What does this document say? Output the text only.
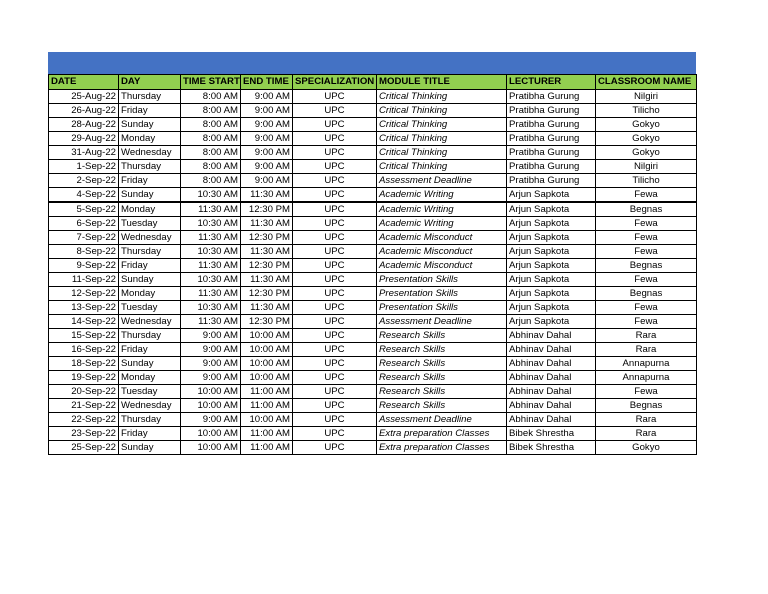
DATE	DAY	TIME START	END TIME	SPECIALIZATION	MODULE TITLE	LECTURER	CLASSROOM NAME
25-Aug-22	Thursday	8:00 AM	9:00 AM	UPC	Critical Thinking	Pratibha Gurung	Nilgiri
26-Aug-22	Friday	8:00 AM	9:00 AM	UPC	Critical Thinking	Pratibha Gurung	Tilicho
28-Aug-22	Sunday	8:00 AM	9:00 AM	UPC	Critical Thinking	Pratibha Gurung	Gokyo
29-Aug-22	Monday	8:00 AM	9:00 AM	UPC	Critical Thinking	Pratibha Gurung	Gokyo
31-Aug-22	Wednesday	8:00 AM	9:00 AM	UPC	Critical Thinking	Pratibha Gurung	Gokyo
1-Sep-22	Thursday	8:00 AM	9:00 AM	UPC	Critical Thinking	Pratibha Gurung	Nilgiri
2-Sep-22	Friday	8:00 AM	9:00 AM	UPC	Assessment Deadline	Pratibha Gurung	Tilicho
4-Sep-22	Sunday	10:30 AM	11:30 AM	UPC	Academic Writing	Arjun Sapkota	Fewa
5-Sep-22	Monday	11:30 AM	12:30 PM	UPC	Academic Writing	Arjun Sapkota	Begnas
6-Sep-22	Tuesday	10:30 AM	11:30 AM	UPC	Academic Writing	Arjun Sapkota	Fewa
7-Sep-22	Wednesday	11:30 AM	12:30 PM	UPC	Academic Misconduct	Arjun Sapkota	Fewa
8-Sep-22	Thursday	10:30 AM	11:30 AM	UPC	Academic Misconduct	Arjun Sapkota	Fewa
9-Sep-22	Friday	11:30 AM	12:30 PM	UPC	Academic Misconduct	Arjun Sapkota	Begnas
11-Sep-22	Sunday	10:30 AM	11:30 AM	UPC	Presentation Skills	Arjun Sapkota	Fewa
12-Sep-22	Monday	11:30 AM	12:30 PM	UPC	Presentation Skills	Arjun Sapkota	Begnas
13-Sep-22	Tuesday	10:30 AM	11:30 AM	UPC	Presentation Skills	Arjun Sapkota	Fewa
14-Sep-22	Wednesday	11:30 AM	12:30 PM	UPC	Assessment Deadline	Arjun Sapkota	Fewa
15-Sep-22	Thursday	9:00 AM	10:00 AM	UPC	Research Skills	Abhinav Dahal	Rara
16-Sep-22	Friday	9:00 AM	10:00 AM	UPC	Research Skills	Abhinav Dahal	Rara
18-Sep-22	Sunday	9:00 AM	10:00 AM	UPC	Research Skills	Abhinav Dahal	Annapurna
19-Sep-22	Monday	9:00 AM	10:00 AM	UPC	Research Skills	Abhinav Dahal	Annapurna
20-Sep-22	Tuesday	10:00 AM	11:00 AM	UPC	Research Skills	Abhinav Dahal	Fewa
21-Sep-22	Wednesday	10:00 AM	11:00 AM	UPC	Research Skills	Abhinav Dahal	Begnas
22-Sep-22	Thursday	9:00 AM	10:00 AM	UPC	Assessment Deadline	Abhinav Dahal	Rara
23-Sep-22	Friday	10:00 AM	11:00 AM	UPC	Extra preparation Classes	Bibek Shrestha	Rara
25-Sep-22	Sunday	10:00 AM	11:00 AM	UPC	Extra preparation Classes	Bibek Shrestha	Gokyo
